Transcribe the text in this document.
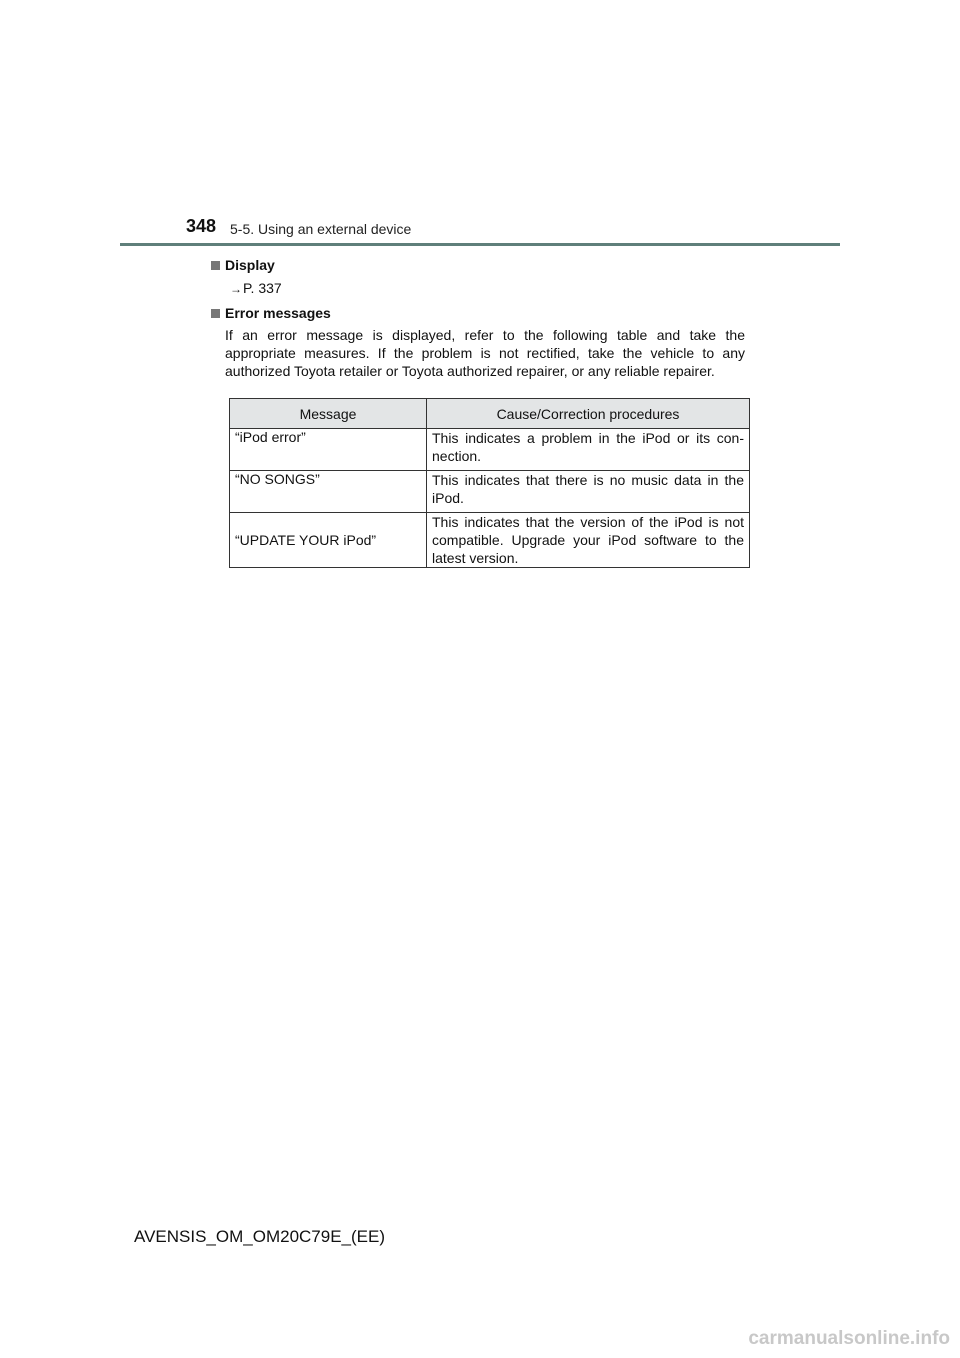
348 5-5. Using an external device
Display
→P. 337
Error messages
If an error message is displayed, refer to the following table and take the appropriate measures. If the problem is not rectified, take the vehicle to any authorized Toyota retailer or Toyota authorized repairer, or any reliable repairer.
Message	Cause/Correction procedures
“iPod error”	This indicates a problem in the iPod or its con- nection.
“NO SONGS”	This indicates that there is no music data in the iPod.
“UPDATE YOUR iPod”	This indicates that the version of the iPod is not compatible. Upgrade your iPod software to the latest version.
AVENSIS_OM_OM20C79E_(EE)
carmanualsonline.info
